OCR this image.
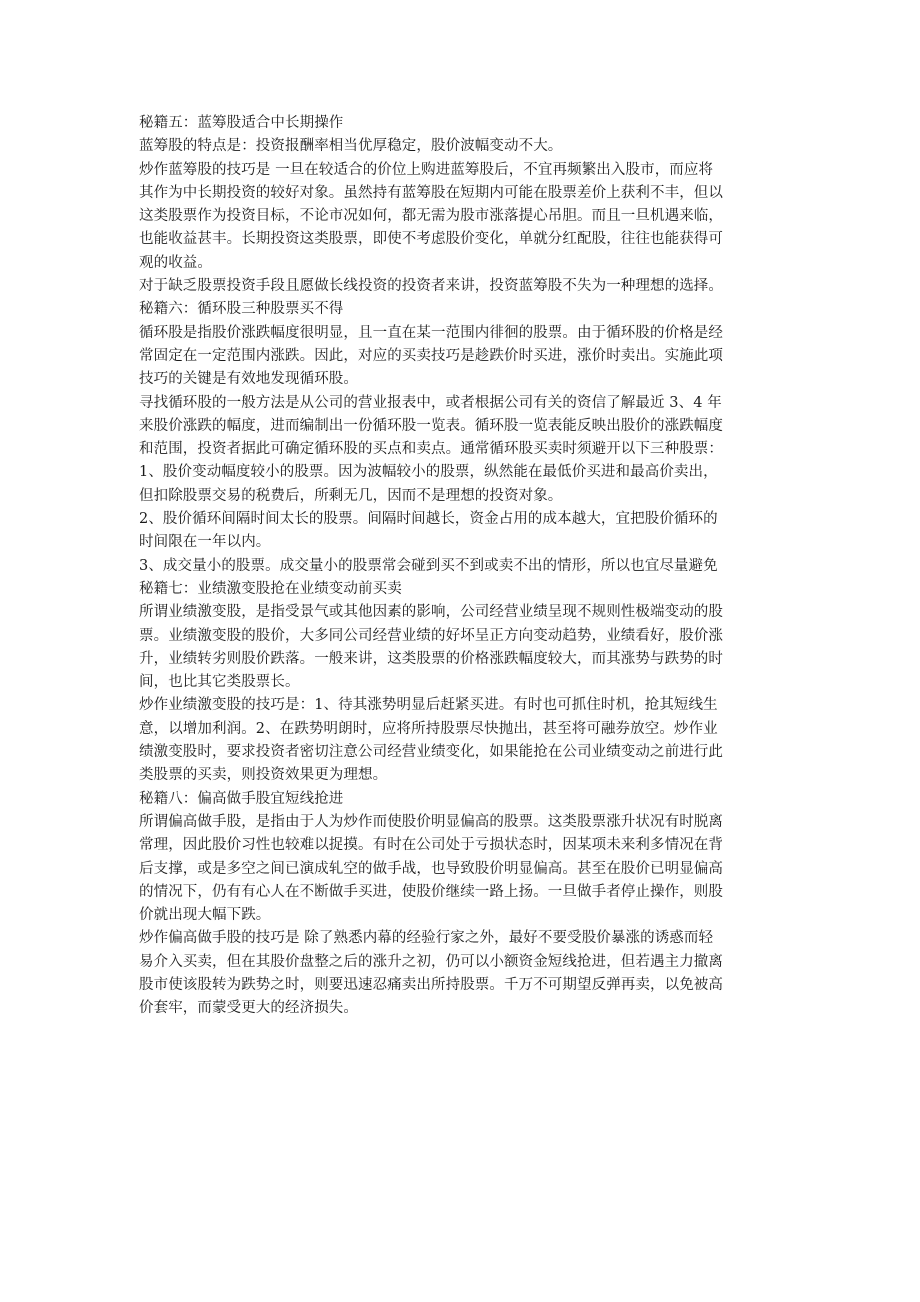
秘籍五：蓝筹股适合中长期操作
蓝筹股的特点是：投资报酬率相当优厚稳定，股价波幅变动不大。
炒作蓝筹股的技巧是 一旦在较适合的价位上购进蓝筹股后，不宜再频繁出入股市，而应将
其作为中长期投资的较好对象。虽然持有蓝筹股在短期内可能在股票差价上获利不丰，但以
这类股票作为投资目标，不论市况如何，都无需为股市涨落提心吊胆。而且一旦机遇来临，
也能收益甚丰。长期投资这类股票，即使不考虑股价变化，单就分红配股，往往也能获得可
观的收益。
对于缺乏股票投资手段且愿做长线投资的投资者来讲，投资蓝筹股不失为一种理想的选择。
秘籍六：循环股三种股票买不得
循环股是指股价涨跌幅度很明显，且一直在某一范围内徘徊的股票。由于循环股的价格是经
常固定在一定范围内涨跌。因此，对应的买卖技巧是趁跌价时买进，涨价时卖出。实施此项
技巧的关键是有效地发现循环股。
寻找循环股的一般方法是从公司的营业报表中，或者根据公司有关的资信了解最近 3、4 年
来股价涨跌的幅度，进而编制出一份循环股一览表。循环股一览表能反映出股价的涨跌幅度
和范围，投资者据此可确定循环股的买点和卖点。通常循环股买卖时须避开以下三种股票：
1、股价变动幅度较小的股票。因为波幅较小的股票，纵然能在最低价买进和最高价卖出，
但扣除股票交易的税费后，所剩无几，因而不是理想的投资对象。
2、股价循环间隔时间太长的股票。间隔时间越长，资金占用的成本越大，宜把股价循环的
时间限在一年以内。
3、成交量小的股票。成交量小的股票常会碰到买不到或卖不出的情形，所以也宜尽量避免
秘籍七：业绩激变股抢在业绩变动前买卖
所谓业绩激变股，是指受景气或其他因素的影响，公司经营业绩呈现不规则性极端变动的股
票。业绩激变股的股价，大多同公司经营业绩的好坏呈正方向变动趋势，业绩看好，股价涨
升，业绩转劣则股价跌落。一般来讲，这类股票的价格涨跌幅度较大，而其涨势与跌势的时
间，也比其它类股票长。
炒作业绩激变股的技巧是：1、待其涨势明显后赶紧买进。有时也可抓住时机，抢其短线生
意，以增加利润。2、在跌势明朗时，应将所持股票尽快抛出，甚至将可融券放空。炒作业
绩激变股时，要求投资者密切注意公司经营业绩变化，如果能抢在公司业绩变动之前进行此
类股票的买卖，则投资效果更为理想。
秘籍八：偏高做手股宜短线抢进
所谓偏高做手股，是指由于人为炒作而使股价明显偏高的股票。这类股票涨升状况有时脱离
常理，因此股价习性也较难以捉摸。有时在公司处于亏损状态时，因某项未来利多情况在背
后支撑，或是多空之间已演成轧空的做手战，也导致股价明显偏高。甚至在股价已明显偏高
的情况下，仍有有心人在不断做手买进，使股价继续一路上扬。一旦做手者停止操作，则股
价就出现大幅下跌。
炒作偏高做手股的技巧是 除了熟悉内幕的经验行家之外，最好不要受股价暴涨的诱惑而轻
易介入买卖，但在其股价盘整之后的涨升之初，仍可以小额资金短线抢进，但若遇主力撤离
股市使该股转为跌势之时，则要迅速忍痛卖出所持股票。千万不可期望反弹再卖，以免被高
价套牢，而蒙受更大的经济损失。
